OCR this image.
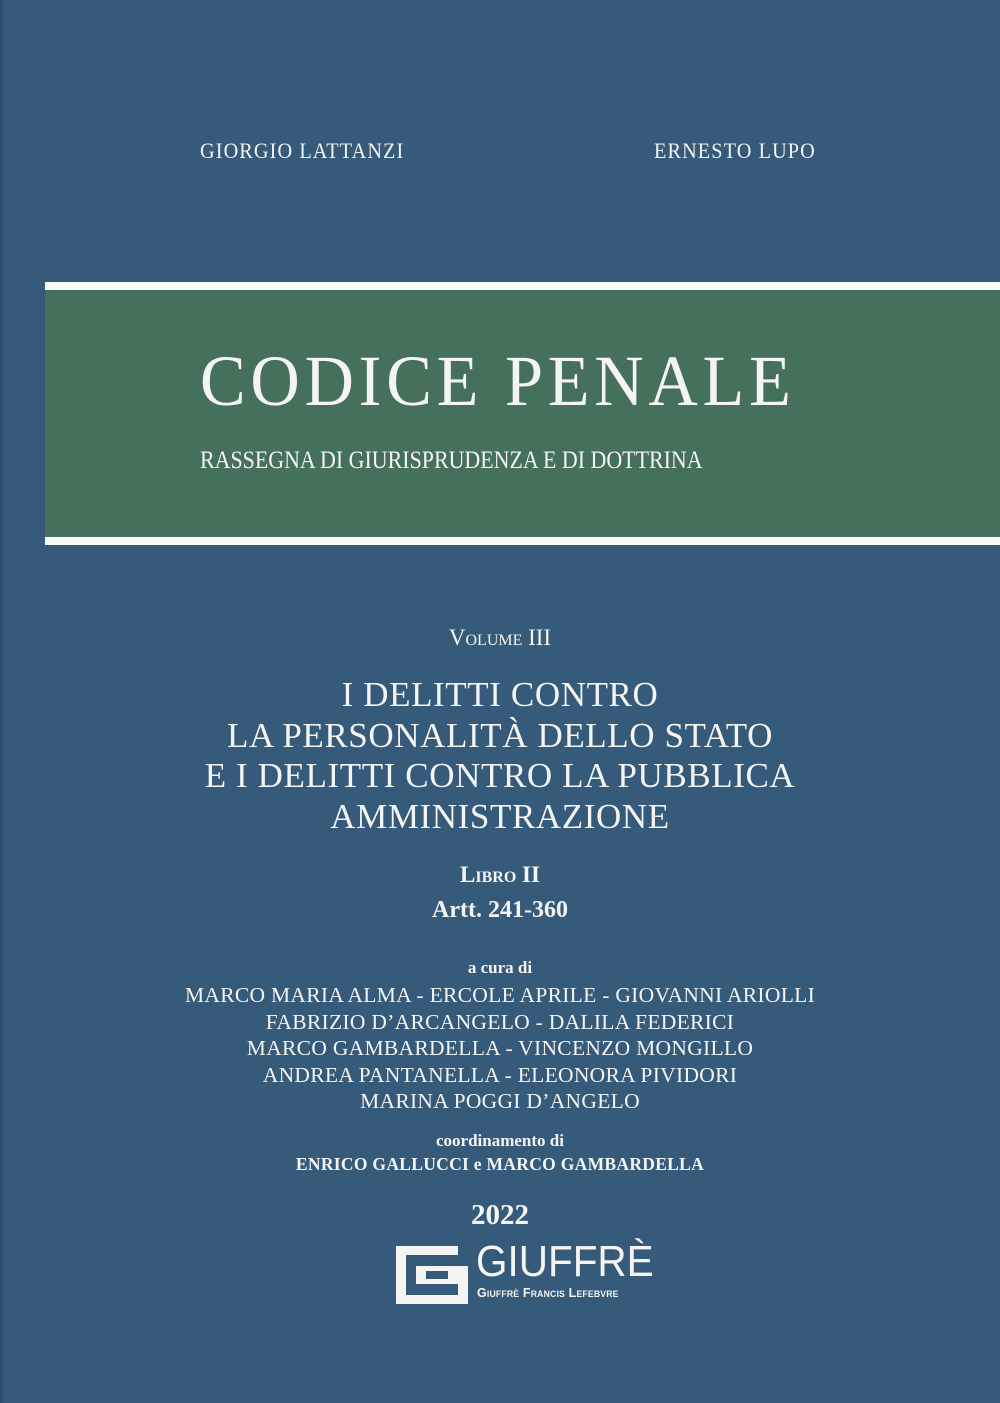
GIORGIO LATTANZI	ERNESTO LUPO
CODICE PENALE
RASSEGNA DI GIURISPRUDENZA E DI DOTTRINA
Volume III
I DELITTI CONTRO
LA PERSONALITÀ DELLO STATO
E I DELITTI CONTRO LA PUBBLICA
AMMINISTRAZIONE
Libro II
Artt. 241-360
a cura di
MARCO MARIA ALMA - ERCOLE APRILE - GIOVANNI ARIOLLI
FABRIZIO D’ARCANGELO - DALILA FEDERICI
MARCO GAMBARDELLA - VINCENZO MONGILLO
ANDREA PANTANELLA - ELEONORA PIVIDORI
MARINA POGGI D’ANGELO
coordinamento di
ENRICO GALLUCCI e MARCO GAMBARDELLA
2022
GIUFFRÈ
Giuffrè Francis Lefebvre
